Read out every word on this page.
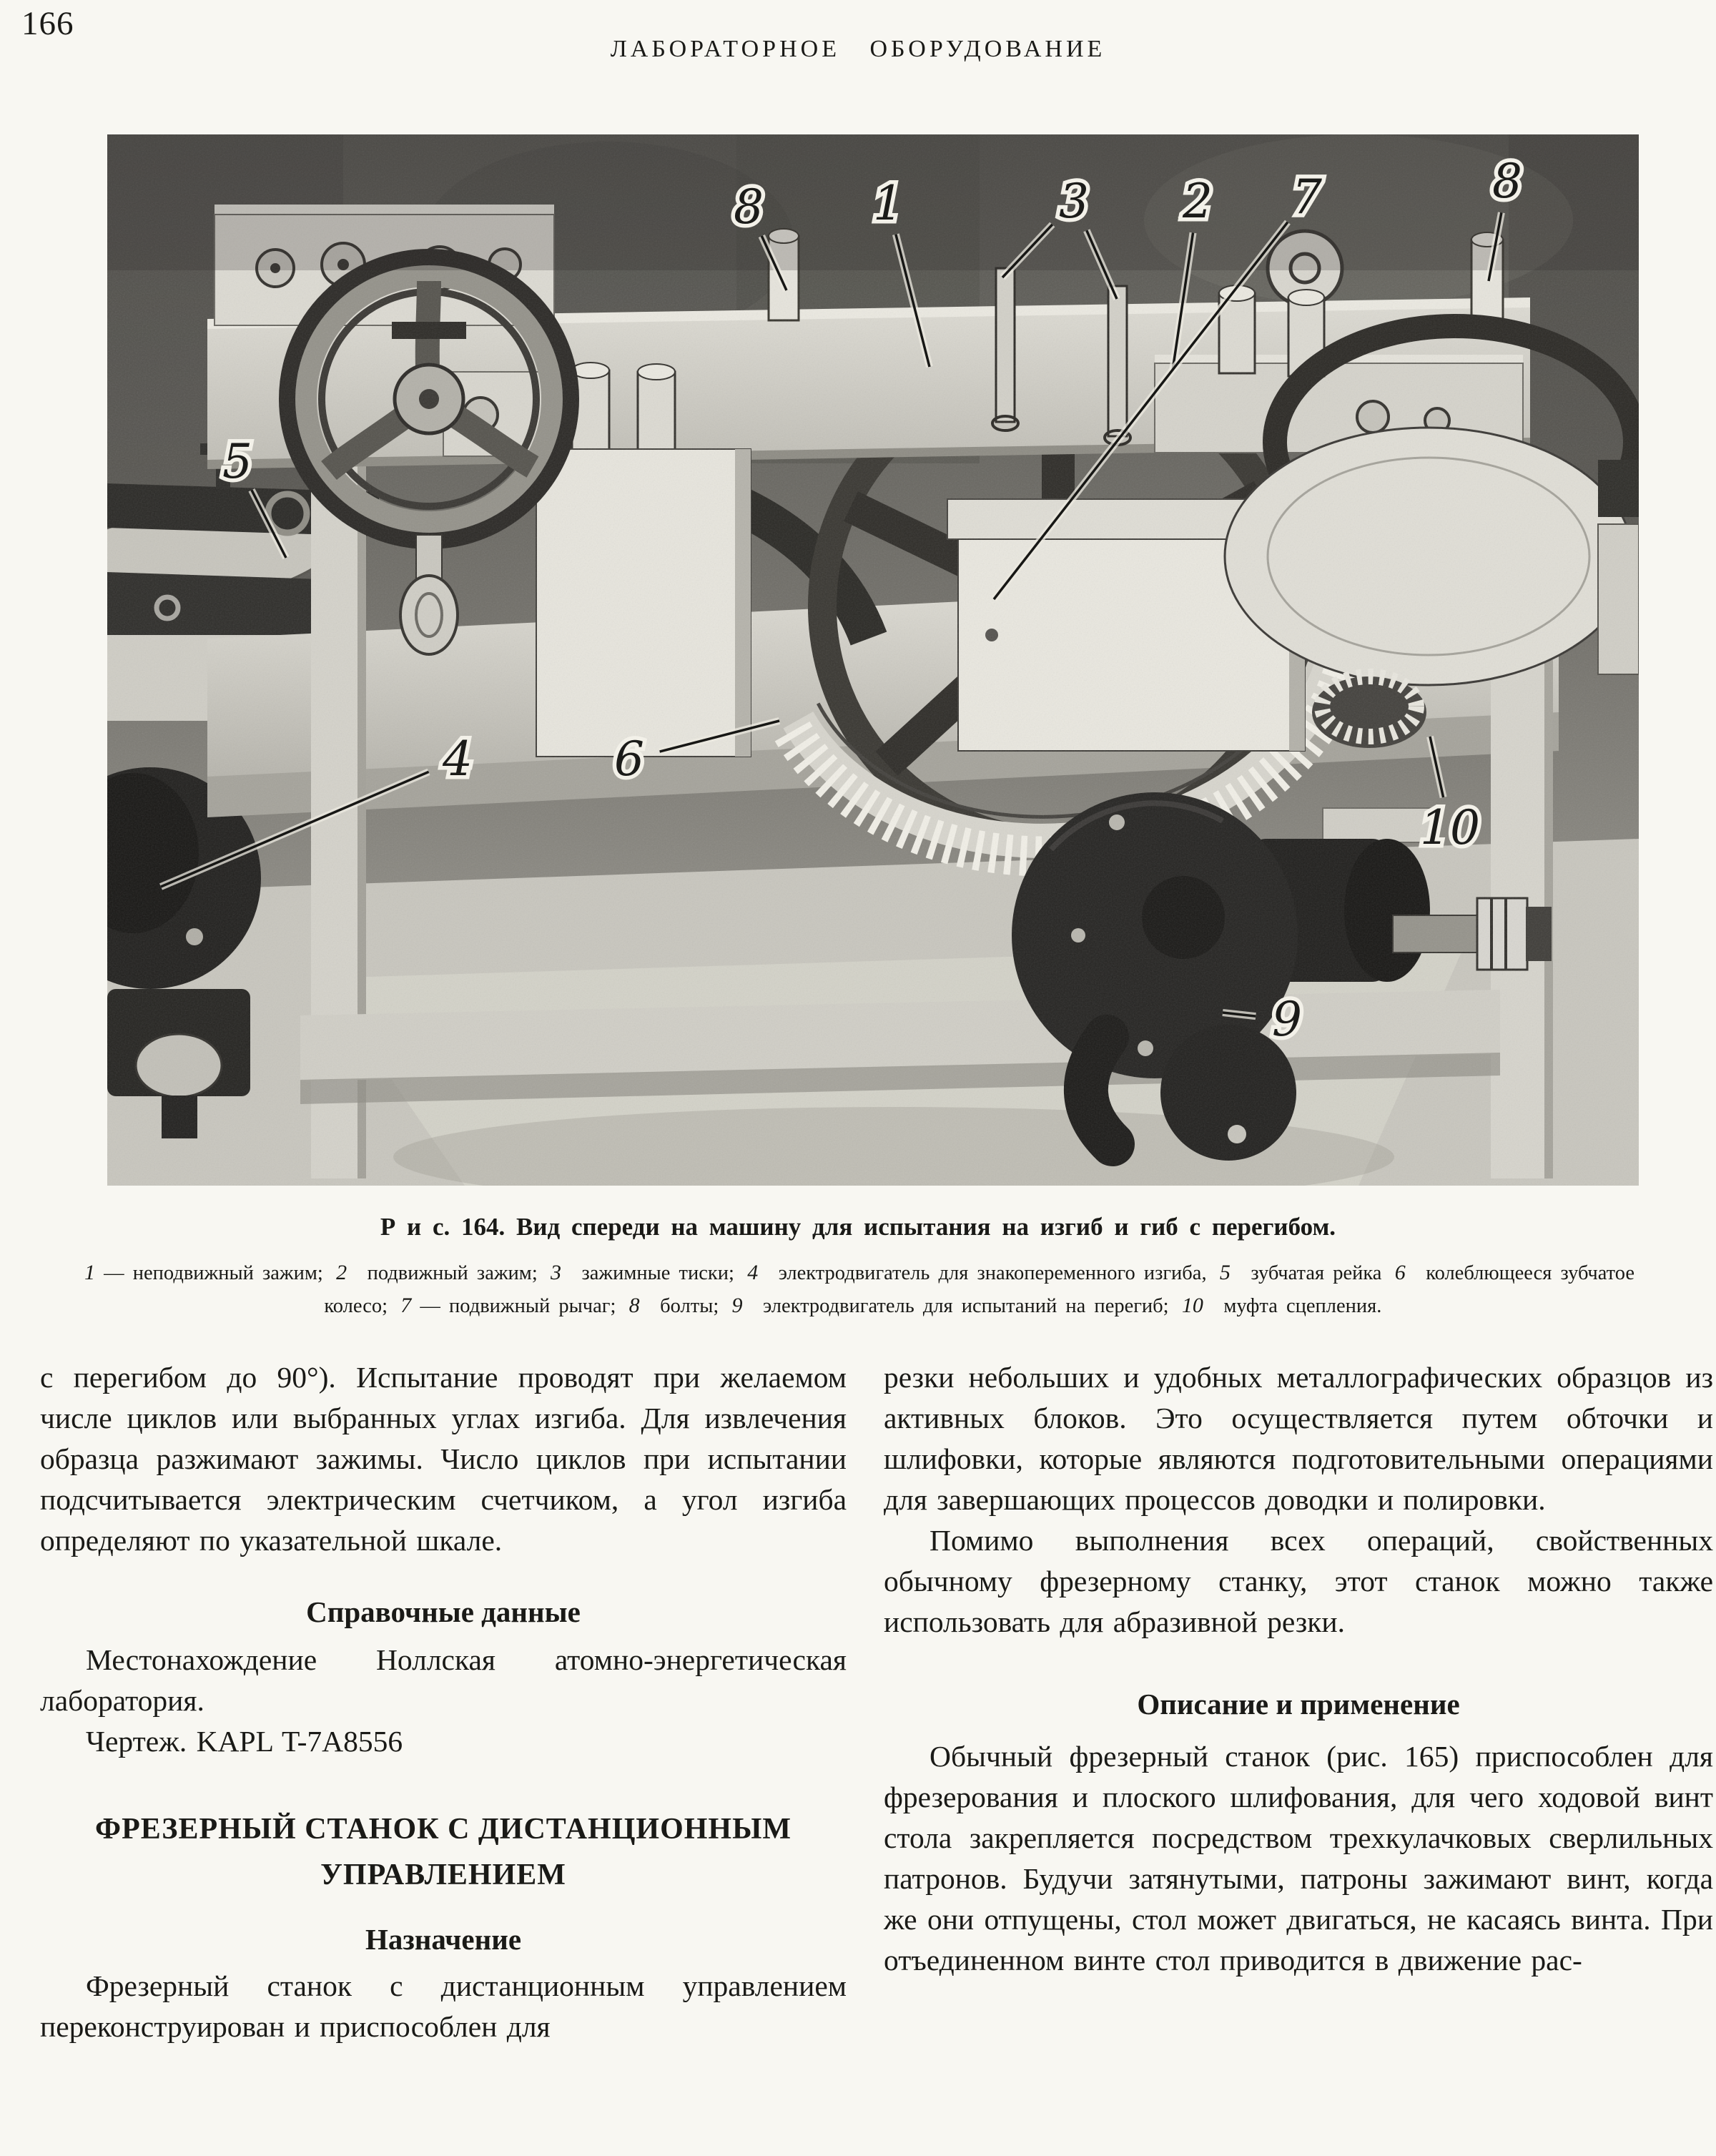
166
ЛАБОРАТОРНОЕ ОБОРУДОВАНИЕ
8 1	3 2 7	8
5
4	6
10
9
Р и с. 164. Вид спереди на машину для испытания на изгиб и гиб с перегибом.
1 — неподвижный зажим; 2  подвижный зажим; 3  зажимные тиски; 4  электродвигатель для знакопеременного изгиба, 5  зубчатая рейка 6  колеблющееся зубчатое колесо; 7 — подвижный рычаг; 8  болты; 9  электродвигатель для испытаний на перегиб; 10  муфта сцепления. 

с перегибом до 90°). Испытание проводят при желаемом числе циклов или выбранных углах изгиба. Для извлечения образца разжимают зажимы. Число циклов при испытании подсчитывается электрическим счетчиком, а угол изгиба определяют по указательной шкале.

Справочные данные

Местонахождение Ноллская атомно-энергетическая лаборатория.

Чертеж. KAPL T-7A8556

ФРЕЗЕРНЫЙ СТАНОК С ДИСТАНЦИОННЫМ УПРАВЛЕНИЕМ
Назначение

Фрезерный станок с дистанционным управлением переконструирован и приспособлен для

резки небольших и удобных металлографических образцов из активных блоков. Это осуществляется путем обточки и шлифовки, которые являются подготовительными операциями для завершающих процессов доводки и полировки.

Помимо выполнения всех операций, свойственных обычному фрезерному станку, этот станок можно также использовать для абразивной резки.

Описание и применение

Обычный фрезерный станок (рис. 165) приспособлен для фрезерования и плоского шлифования, для чего ходовой винт стола закрепляется посредством трехкулачковых сверлильных патронов. Будучи затянутыми, патроны зажимают винт, когда же они отпущены, стол может двигаться, не касаясь винта. При отъединенном винте стол приводится в движение рас-
